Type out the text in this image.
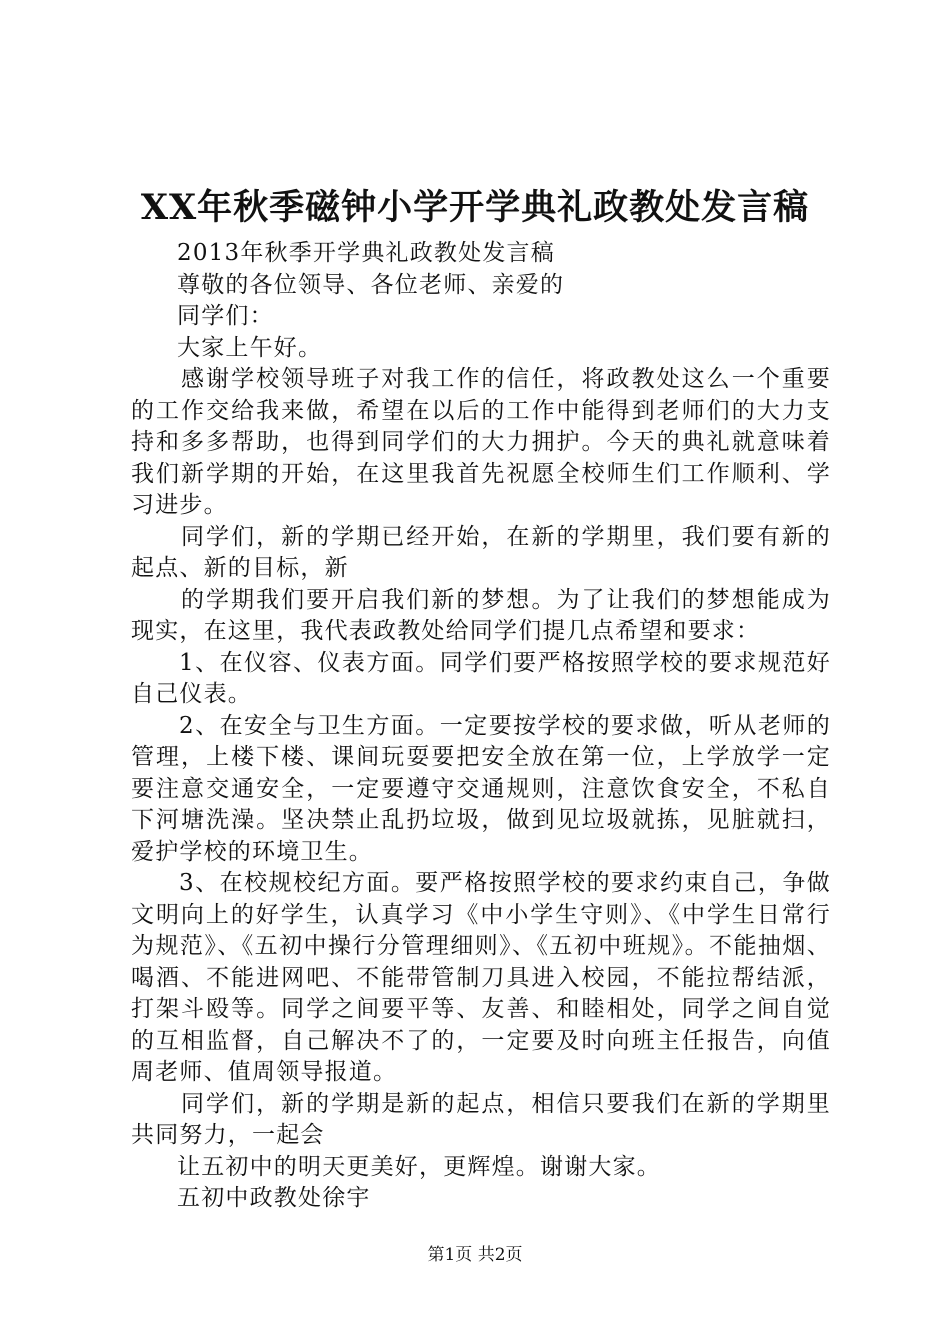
XX年秋季磁钟小学开学典礼政教处发言稿

2013年秋季开学典礼政教处发言稿

尊敬的各位领导、各位老师、亲爱的

同学们：

大家上午好。

感谢学校领导班子对我工作的信任，将政教处这么一个重要的工作交给我来做，希望在以后的工作中能得到老师们的大力支持和多多帮助，也得到同学们的大力拥护。今天的典礼就意味着我们新学期的开始，在这里我首先祝愿全校师生们工作顺利、学习进步。

同学们，新的学期已经开始，在新的学期里，我们要有新的起点、新的目标，新

的学期我们要开启我们新的梦想。为了让我们的梦想能成为现实，在这里，我代表政教处给同学们提几点希望和要求：

1、在仪容、仪表方面。同学们要严格按照学校的要求规范好自己仪表。

2、在安全与卫生方面。一定要按学校的要求做，听从老师的管理，上楼下楼、课间玩耍要把安全放在第一位，上学放学一定要注意交通安全，一定要遵守交通规则，注意饮食安全，不私自下河塘洗澡。坚决禁止乱扔垃圾，做到见垃圾就拣，见脏就扫，爱护学校的环境卫生。

3、在校规校纪方面。要严格按照学校的要求约束自己，争做文明向上的好学生，认真学习《中小学生守则》、《中学生日常行为规范》、《五初中操行分管理细则》、《五初中班规》。不能抽烟、喝酒、不能进网吧、不能带管制刀具进入校园，不能拉帮结派，打架斗殴等。同学之间要平等、友善、和睦相处，同学之间自觉的互相监督，自己解决不了的，一定要及时向班主任报告，向值周老师、值周领导报道。

同学们，新的学期是新的起点，相信只要我们在新的学期里共同努力，一起会

让五初中的明天更美好，更辉煌。谢谢大家。

五初中政教处徐宇

第1页 共2页
